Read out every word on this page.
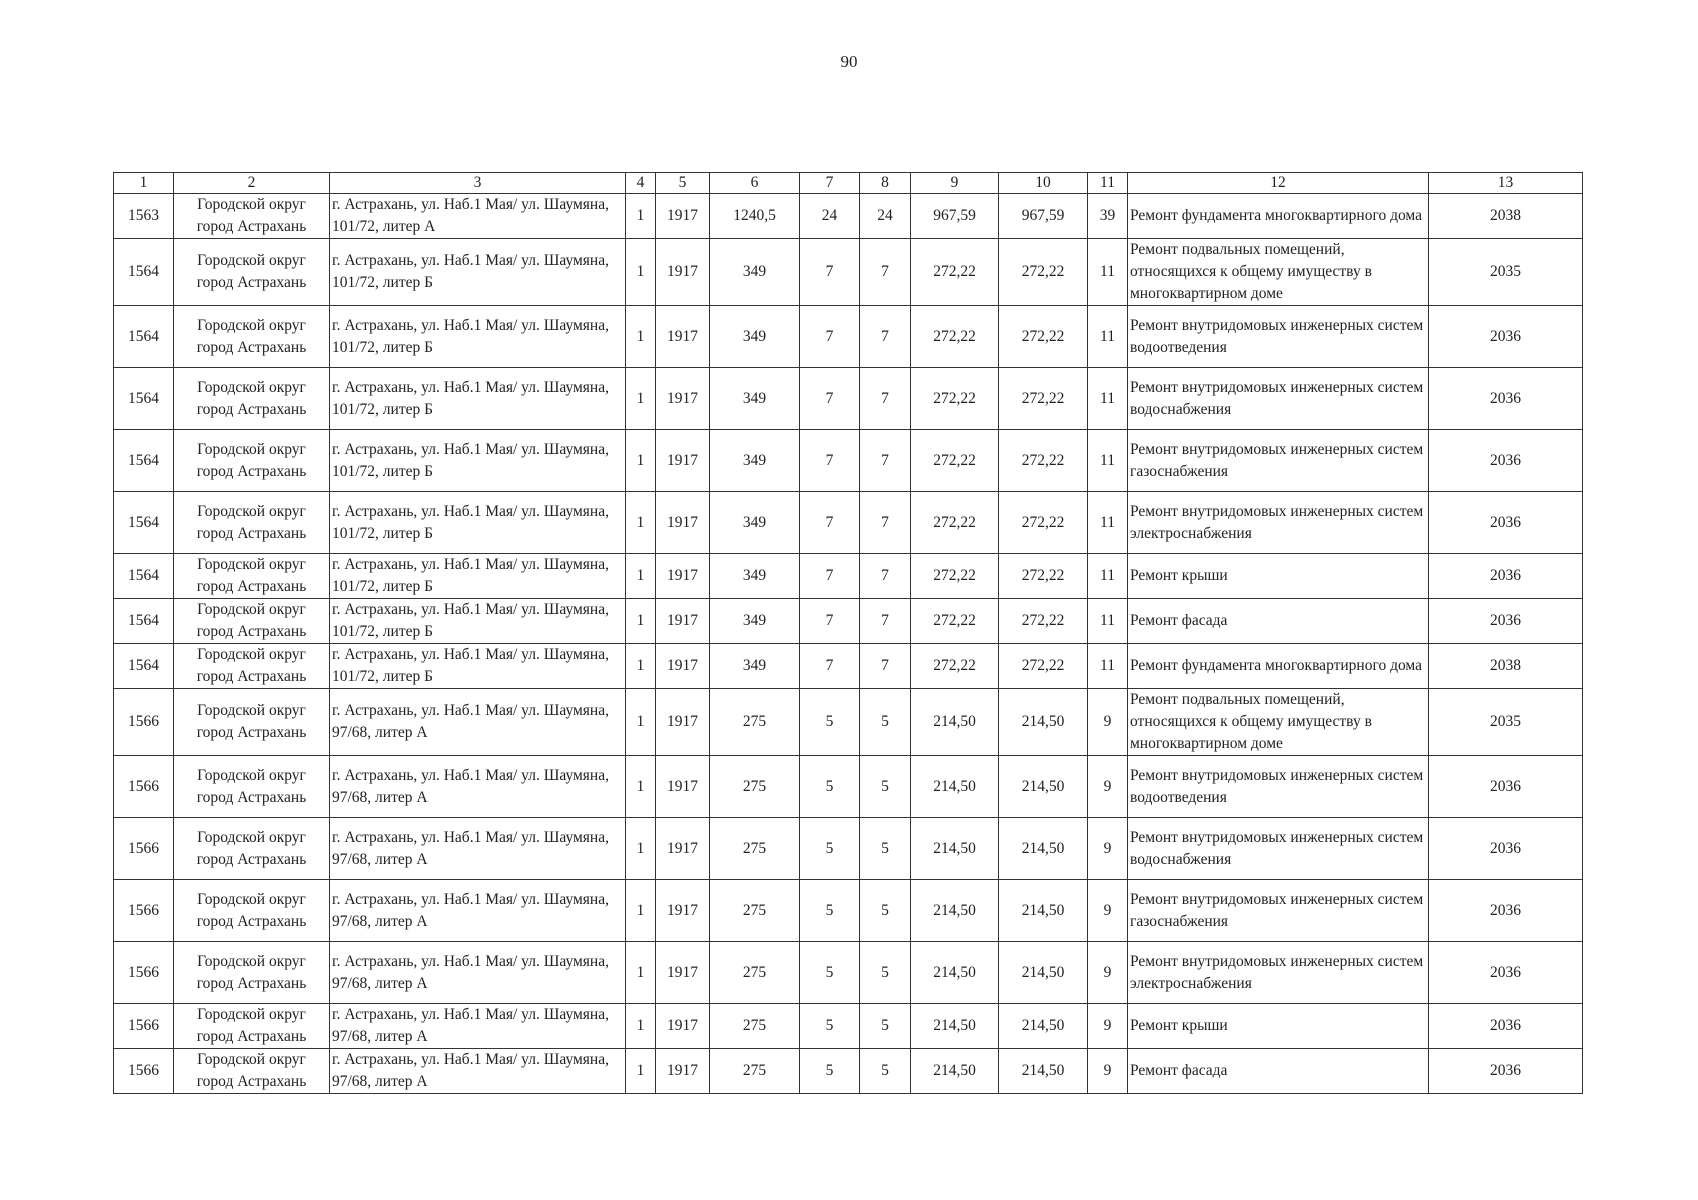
90
1	2	3	4	5	6	7	8	9	10	11	12	13
1563	Городской округ город Астрахань	г. Астрахань, ул. Наб.1 Мая/ ул. Шаумяна, 101/72, литер А	1	1917	1240,5	24	24	967,59	967,59	39	Ремонт фундамента многоквартирного дома	2038
1564	Городской округ город Астрахань	г. Астрахань, ул. Наб.1 Мая/ ул. Шаумяна, 101/72, литер Б	1	1917	349	7	7	272,22	272,22	11	Ремонт подвальных помещений, относящихся к общему имуществу в многоквартирном доме	2035
1564	Городской округ город Астрахань	г. Астрахань, ул. Наб.1 Мая/ ул. Шаумяна, 101/72, литер Б	1	1917	349	7	7	272,22	272,22	11	Ремонт внутридомовых инженерных систем водоотведения	2036
1564	Городской округ город Астрахань	г. Астрахань, ул. Наб.1 Мая/ ул. Шаумяна, 101/72, литер Б	1	1917	349	7	7	272,22	272,22	11	Ремонт внутридомовых инженерных систем водоснабжения	2036
1564	Городской округ город Астрахань	г. Астрахань, ул. Наб.1 Мая/ ул. Шаумяна, 101/72, литер Б	1	1917	349	7	7	272,22	272,22	11	Ремонт внутридомовых инженерных систем газоснабжения	2036
1564	Городской округ город Астрахань	г. Астрахань, ул. Наб.1 Мая/ ул. Шаумяна, 101/72, литер Б	1	1917	349	7	7	272,22	272,22	11	Ремонт внутридомовых инженерных систем электроснабжения	2036
1564	Городской округ город Астрахань	г. Астрахань, ул. Наб.1 Мая/ ул. Шаумяна, 101/72, литер Б	1	1917	349	7	7	272,22	272,22	11	Ремонт крыши	2036
1564	Городской округ город Астрахань	г. Астрахань, ул. Наб.1 Мая/ ул. Шаумяна, 101/72, литер Б	1	1917	349	7	7	272,22	272,22	11	Ремонт фасада	2036
1564	Городской округ город Астрахань	г. Астрахань, ул. Наб.1 Мая/ ул. Шаумяна, 101/72, литер Б	1	1917	349	7	7	272,22	272,22	11	Ремонт фундамента многоквартирного дома	2038
1566	Городской округ город Астрахань	г. Астрахань, ул. Наб.1 Мая/ ул. Шаумяна, 97/68, литер А	1	1917	275	5	5	214,50	214,50	9	Ремонт подвальных помещений, относящихся к общему имуществу в многоквартирном доме	2035
1566	Городской округ город Астрахань	г. Астрахань, ул. Наб.1 Мая/ ул. Шаумяна, 97/68, литер А	1	1917	275	5	5	214,50	214,50	9	Ремонт внутридомовых инженерных систем водоотведения	2036
1566	Городской округ город Астрахань	г. Астрахань, ул. Наб.1 Мая/ ул. Шаумяна, 97/68, литер А	1	1917	275	5	5	214,50	214,50	9	Ремонт внутридомовых инженерных систем водоснабжения	2036
1566	Городской округ город Астрахань	г. Астрахань, ул. Наб.1 Мая/ ул. Шаумяна, 97/68, литер А	1	1917	275	5	5	214,50	214,50	9	Ремонт внутридомовых инженерных систем газоснабжения	2036
1566	Городской округ город Астрахань	г. Астрахань, ул. Наб.1 Мая/ ул. Шаумяна, 97/68, литер А	1	1917	275	5	5	214,50	214,50	9	Ремонт внутридомовых инженерных систем электроснабжения	2036
1566	Городской округ город Астрахань	г. Астрахань, ул. Наб.1 Мая/ ул. Шаумяна, 97/68, литер А	1	1917	275	5	5	214,50	214,50	9	Ремонт крыши	2036
1566	Городской округ город Астрахань	г. Астрахань, ул. Наб.1 Мая/ ул. Шаумяна, 97/68, литер А	1	1917	275	5	5	214,50	214,50	9	Ремонт фасада	2036
